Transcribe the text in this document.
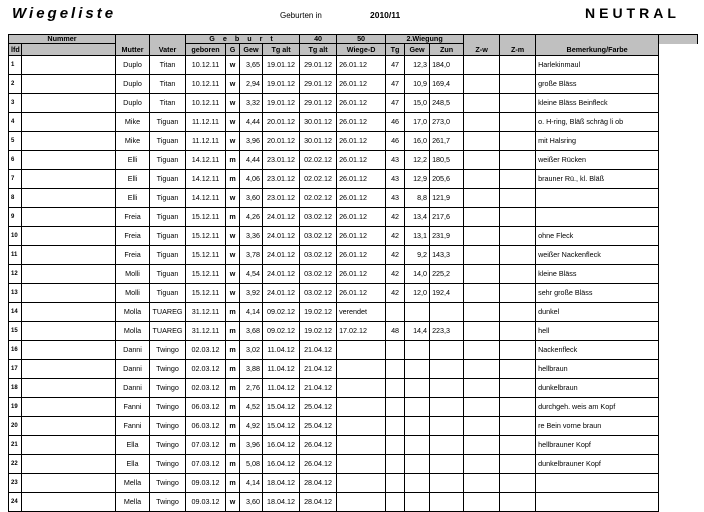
Wiegeliste	Geburten in	2010/11	NEUTRAL
Nummer				G e b u r t				40	50	2.Wiegung						
lfd		Mutter	Vater	geboren	G	Gew	Tg alt	Tg alt	Wiege-D	Tg	Gew	Zun	Z-w	Z-m	Bemerkung/Farbe	
1		Duplo	Titan	10.12.11	w	3,65	19.01.12	29.01.12	26.01.12	47	12,3	184,0			Harlekinmaul	
2		Duplo	Titan	10.12.11	w	2,94	19.01.12	29.01.12	26.01.12	47	10,9	169,4			große Bläss	
3		Duplo	Titan	10.12.11	w	3,32	19.01.12	29.01.12	26.01.12	47	15,0	248,5			kleine Bläss Beinfleck	
4		Mike	Tiguan	11.12.11	w	4,44	20.01.12	30.01.12	26.01.12	46	17,0	273,0			o. H-ring, Bläß schräg li ob	
5		Mike	Tiguan	11.12.11	w	3,96	20.01.12	30.01.12	26.01.12	46	16,0	261,7			mit Halsring	
6		Elli	Tiguan	14.12.11	m	4,44	23.01.12	02.02.12	26.01.12	43	12,2	180,5			weißer Rücken	
7		Elli	Tiguan	14.12.11	m	4,06	23.01.12	02.02.12	26.01.12	43	12,9	205,6			brauner Rü., kl. Bläß	
8		Elli	Tiguan	14.12.11	w	3,60	23.01.12	02.02.12	26.01.12	43	8,8	121,9				
9		Freia	Tiguan	15.12.11	m	4,26	24.01.12	03.02.12	26.01.12	42	13,4	217,6				
10		Freia	Tiguan	15.12.11	w	3,36	24.01.12	03.02.12	26.01.12	42	13,1	231,9			ohne Fleck	
11		Freia	Tiguan	15.12.11	w	3,78	24.01.12	03.02.12	26.01.12	42	9,2	143,3			weißer Nackenfleck	
12		Molli	Tiguan	15.12.11	w	4,54	24.01.12	03.02.12	26.01.12	42	14,0	225,2			kleine Bläss	
13		Molli	Tiguan	15.12.11	w	3,92	24.01.12	03.02.12	26.01.12	42	12,0	192,4			sehr große Bläss	
14		Molla	TUAREG	31.12.11	m	4,14	09.02.12	19.02.12	verendet						dunkel	
15		Molla	TUAREG	31.12.11	m	3,68	09.02.12	19.02.12	17.02.12	48	14,4	223,3			hell	
16		Danni	Twingo	02.03.12	m	3,02	11.04.12	21.04.12							Nackenfleck	
17		Danni	Twingo	02.03.12	m	3,88	11.04.12	21.04.12							hellbraun	
18		Danni	Twingo	02.03.12	m	2,76	11.04.12	21.04.12							dunkelbraun	
19		Fanni	Twingo	06.03.12	m	4,52	15.04.12	25.04.12							durchgeh. weis am Kopf	
20		Fanni	Twingo	06.03.12	m	4,92	15.04.12	25.04.12							re Bein vorne braun	
21		Ella	Twingo	07.03.12	m	3,96	16.04.12	26.04.12							hellbrauner Kopf	
22		Ella	Twingo	07.03.12	m	5,08	16.04.12	26.04.12							dunkelbrauner Kopf	
23		Mella	Twingo	09.03.12	m	4,14	18.04.12	28.04.12								
24		Mella	Twingo	09.03.12	w	3,60	18.04.12	28.04.12								
